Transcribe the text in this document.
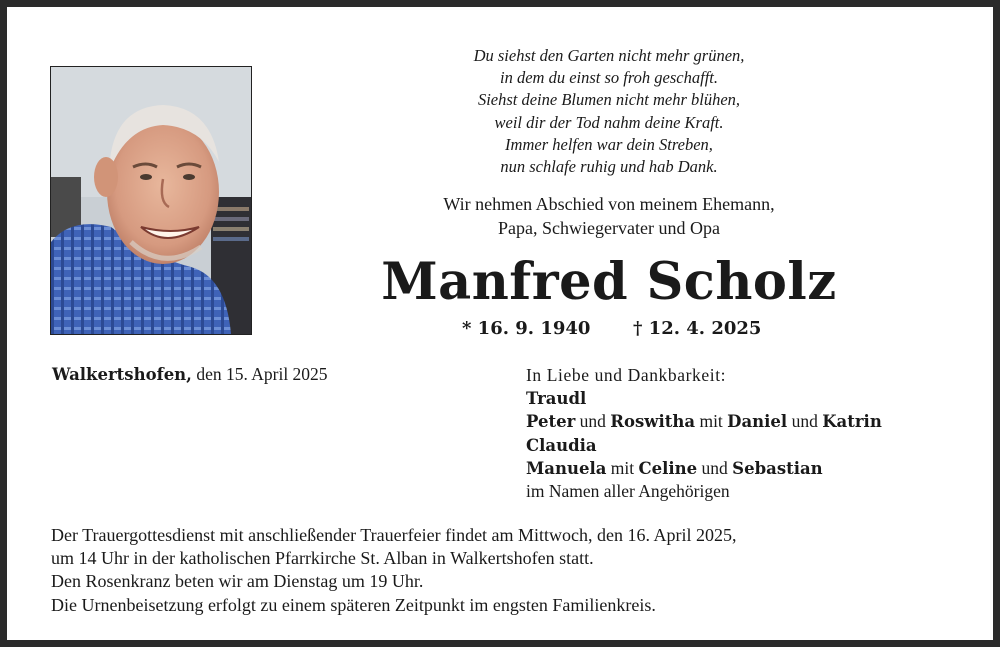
Du siehst den Garten nicht mehr grünen,
in dem du einst so froh geschafft.
Siehst deine Blumen nicht mehr blühen,
weil dir der Tod nahm deine Kraft.
Immer helfen war dein Streben,
nun schlafe ruhig und hab Dank.
Wir nehmen Abschied von meinem Ehemann,
Papa, Schwiegervater und Opa
Manfred Scholz
* 16. 9. 1940 † 12. 4. 2025
Walkertshofen, den 15. April 2025	In Liebe und Dankbarkeit:
Traudl
Peter und Roswitha mit Daniel und Katrin
Claudia
Manuela mit Celine und Sebastian
im Namen aller Angehörigen
Der Trauergottesdienst mit anschließender Trauerfeier findet am Mittwoch, den 16. April 2025,
um 14 Uhr in der katholischen Pfarrkirche St. Alban in Walkertshofen statt.
Den Rosenkranz beten wir am Dienstag um 19 Uhr.
Die Urnenbeisetzung erfolgt zu einem späteren Zeitpunkt im engsten Familienkreis.
